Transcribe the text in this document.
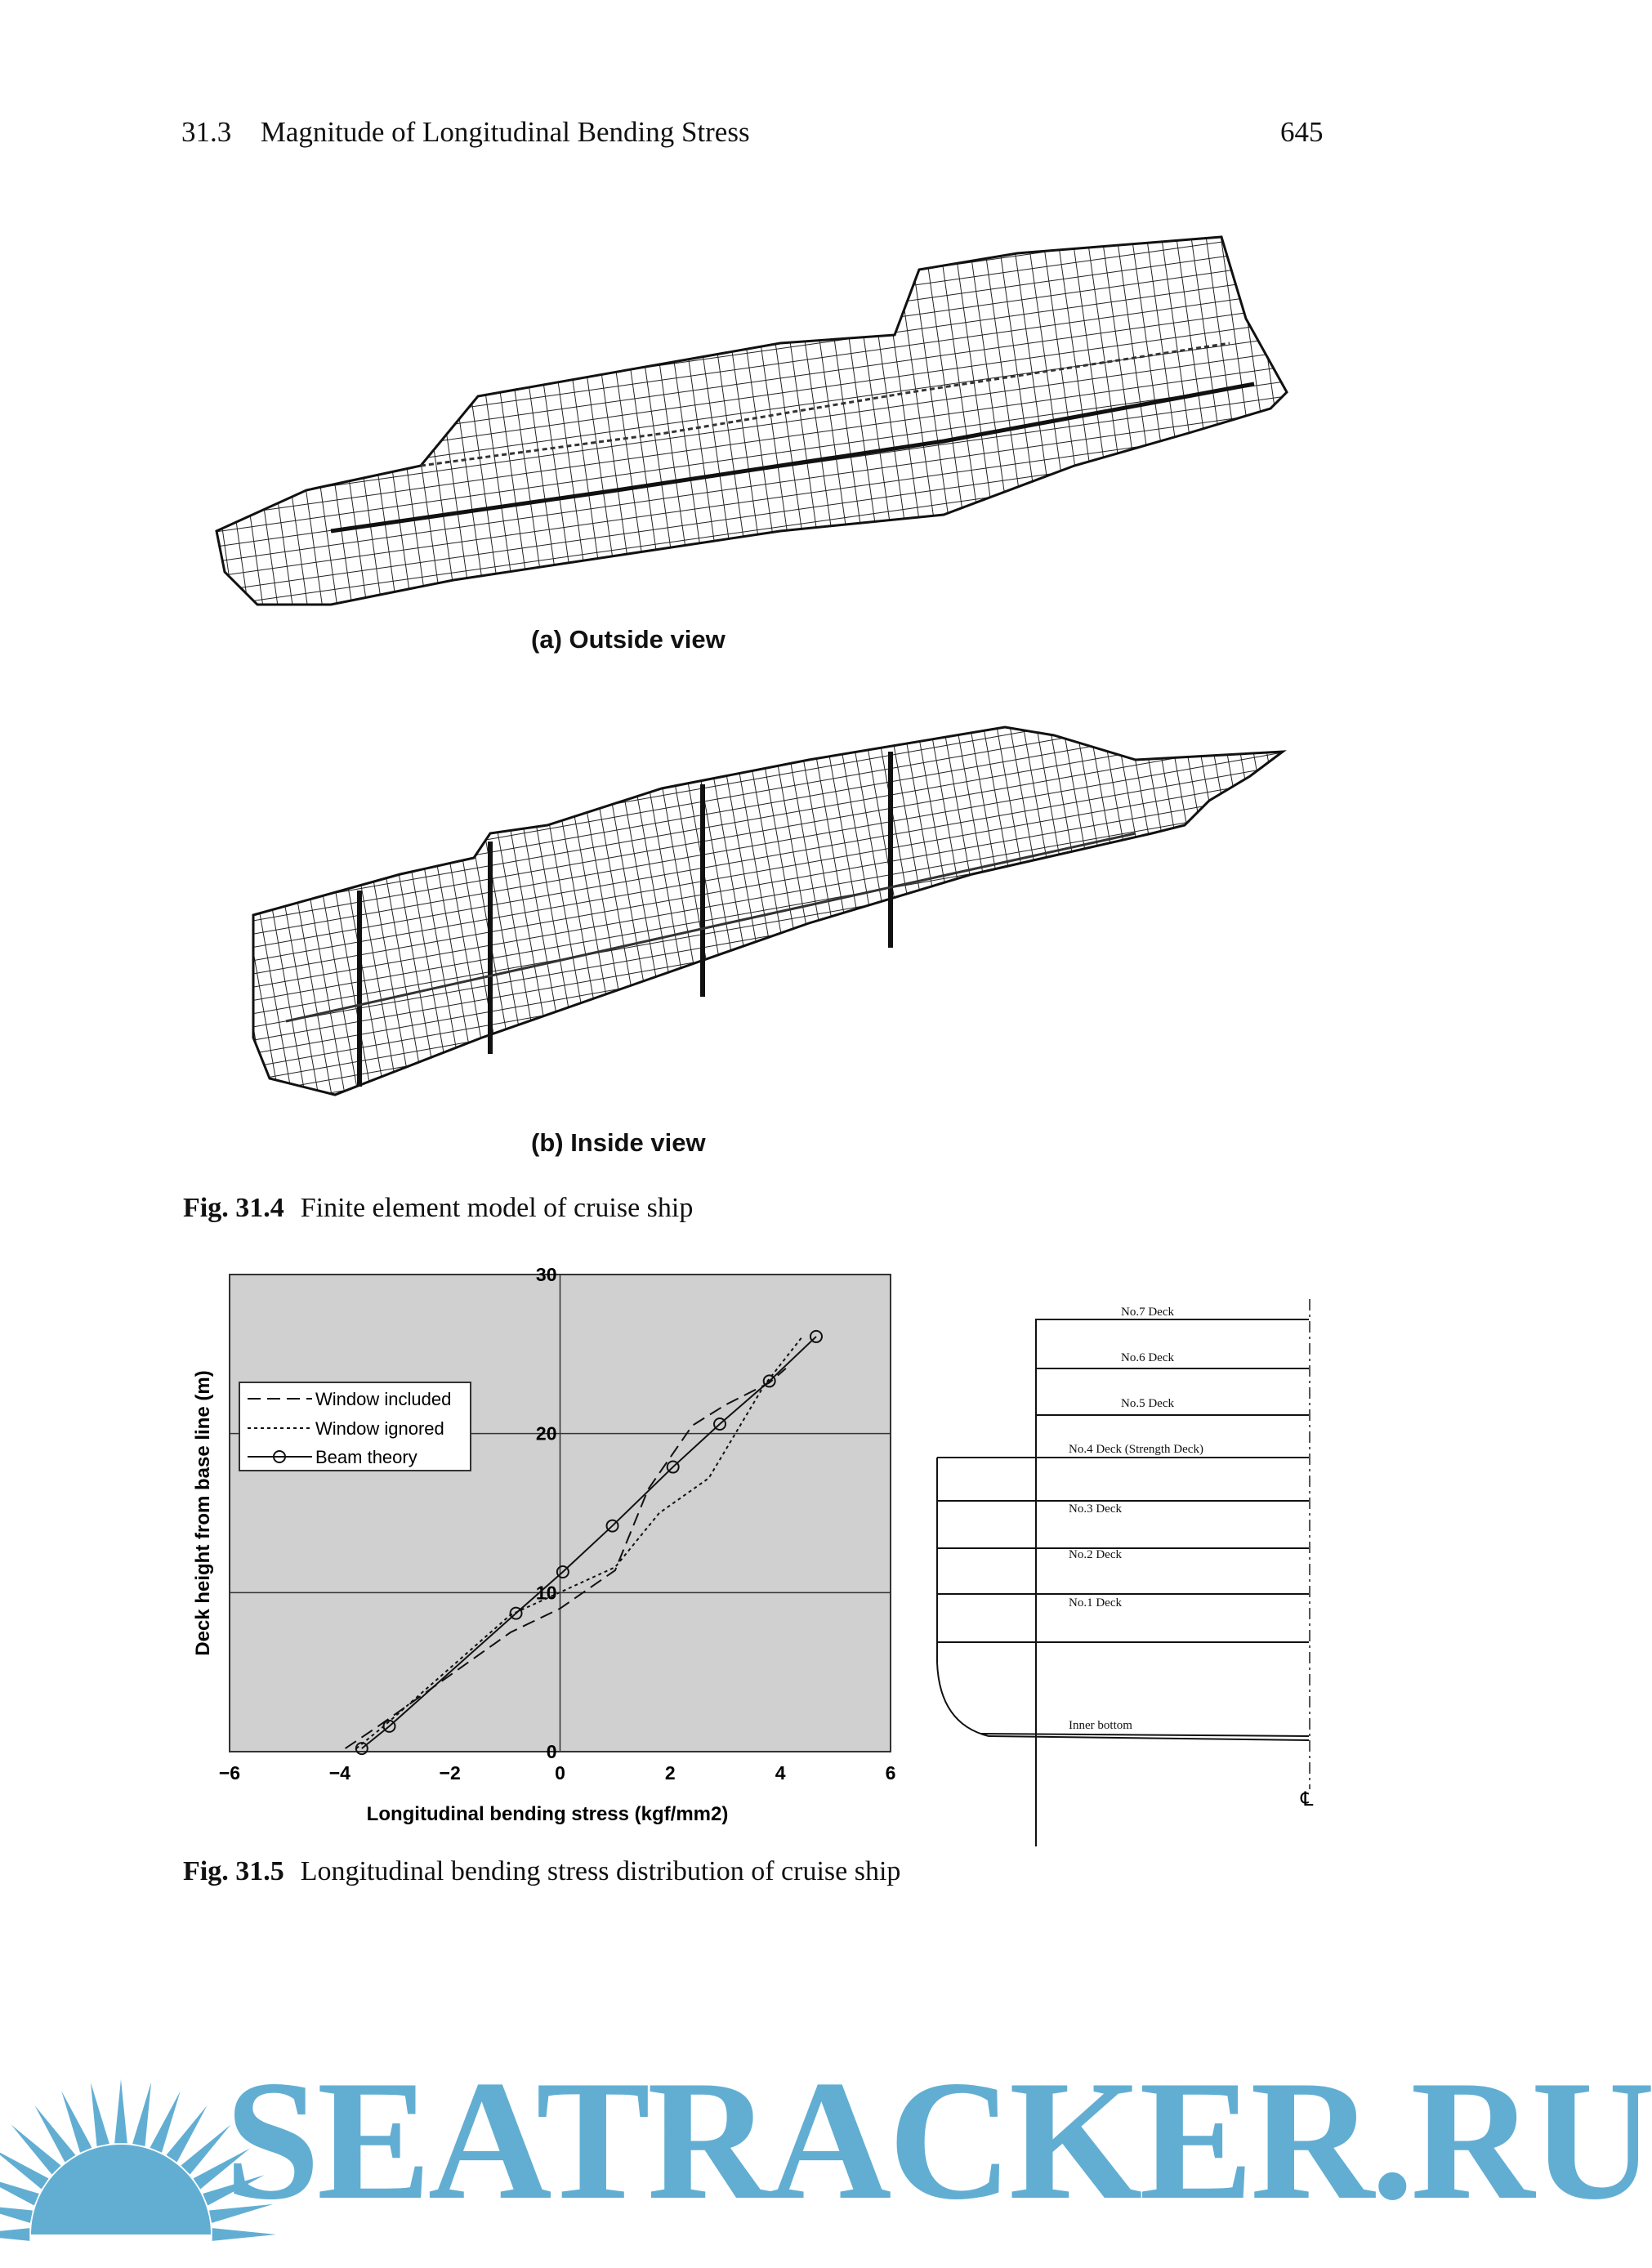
31.3 Magnitude of Longitudinal Bending Stress	645
(a) Outside view
(b) Inside view
Fig. 31.4 Finite element model of cruise ship
−6	−4	−2	0	2	4	6
0
10
20
30
Window included
Window ignored
Beam theory
Longitudinal bending stress (kgf/mm2)
Deck height from base line (m)
No.7 Deck
No.6 Deck
No.5 Deck
No.4 Deck (Strength Deck)
No.3 Deck
No.2 Deck
No.1 Deck
Inner bottom
℄
Fig. 31.5 Longitudinal bending stress distribution of cruise ship
SEATRACKER.RU
